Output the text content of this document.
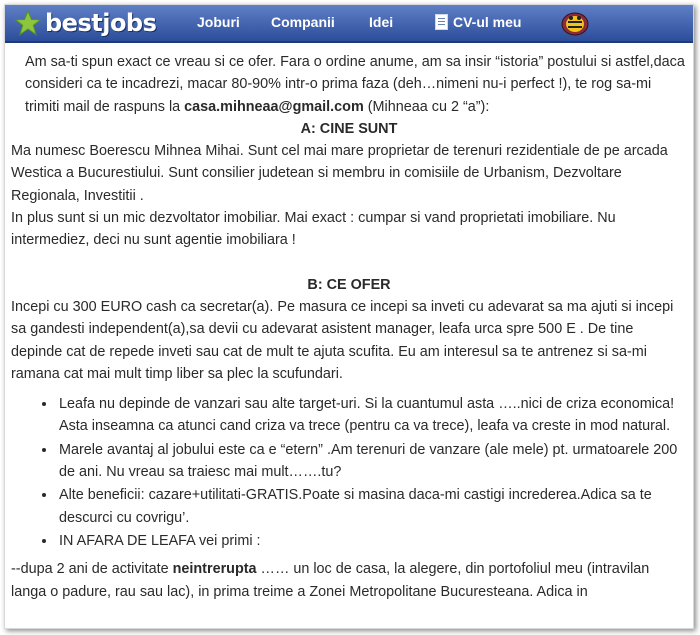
bestjobs	Joburi Companii Idei	CV-ul meu

Am sa-ti spun exact ce vreau si ce ofer. Fara o ordine anume, am sa insir “istoria” postului si astfel,daca consideri ca te incadrezi, macar 80-90% intr-o prima faza (deh…nimeni nu-i perfect !), te rog sa-mi trimiti mail de raspuns la casa.mihneaa@gmail.com (Mihneaa cu 2 “a”):

A: CINE SUNT

Ma numesc Boerescu Mihnea Mihai. Sunt cel mai mare proprietar de terenuri rezidentiale de pe arcada Westica a Bucurestiului. Sunt consilier judetean si membru in comisiile de Urbanism, Dezvoltare Regionala, Investitii .

In plus sunt si un mic dezvoltator imobiliar. Mai exact : cumpar si vand proprietati imobiliare. Nu intermediez, deci nu sunt agentie imobiliara !

B: CE OFER

Incepi cu 300 EURO cash ca secretar(a). Pe masura ce incepi sa inveti cu adevarat sa ma ajuti si incepi sa gandesti independent(a),sa devii cu adevarat asistent manager, leafa urca spre 500 E . De tine depinde cat de repede inveti sau cat de mult te ajuta scufita. Eu am interesul sa te antrenez si sa-mi ramana cat mai mult timp liber sa plec la scufundari.

• Leafa nu depinde de vanzari sau alte target-uri. Si la cuantumul asta …..nici de criza economica! Asta inseamna ca atunci cand criza va trece (pentru ca va trece), leafa va creste in mod natural.
• Marele avantaj al jobului este ca e “etern” .Am terenuri de vanzare (ale mele) pt. urmatoarele 200 de ani. Nu vreau sa traiesc mai mult…….tu?
• Alte beneficii: cazare+utilitati-GRATIS.Poate si masina daca-mi castigi increderea.Adica sa te descurci cu covrigu’.
• IN AFARA DE LEAFA vei primi :

--dupa 2 ani de activitate neintrerupta …… un loc de casa, la alegere, din portofoliul meu (intravilan langa o padure, rau sau lac), in prima treime a Zonei Metropolitane Bucuresteana. Adica in
